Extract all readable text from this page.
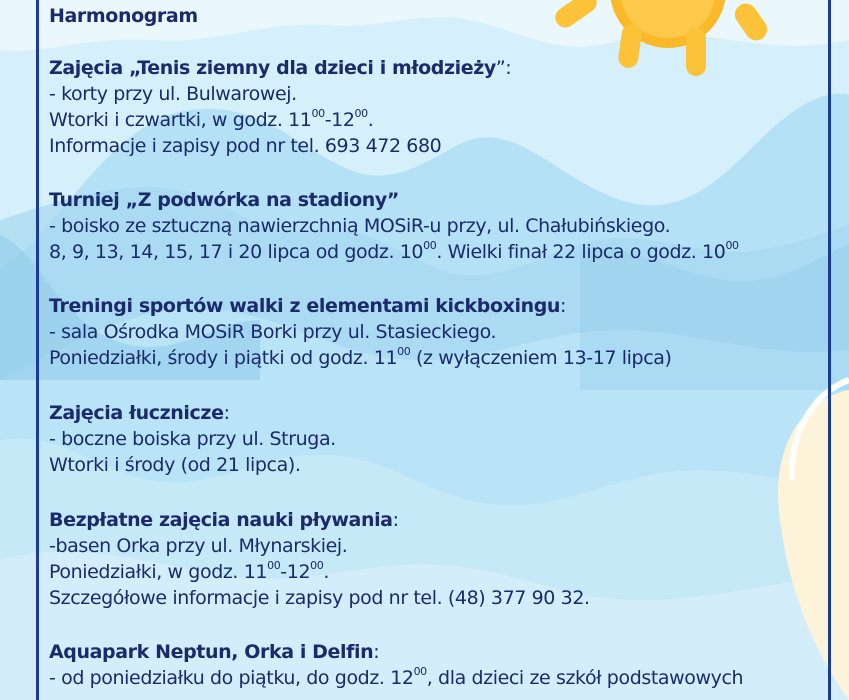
Harmonogram
Zajęcia „Tenis ziemny dla dzieci i młodzieży”:
- korty przy ul. Bulwarowej.
Wtorki i czwartki, w godz. $11^{00}-12^{00}$.
Informacje i zapisy pod nr tel. 693 472 680
Turniej „Z podwórka na stadiony”
- boisko ze sztuczną nawierzchnią MOSiR-u przy, ul. Chałubińskiego.
8, 9, 13, 14, 15, 17 i 20 lipca od godz. $10^{00}$. Wielki finał 22 lipca o godz. $10^{00}$
Treningi sportów walki z elementami kickboxingu:
- sala Ośrodka MOSiR Borki przy ul. Stasieckiego.
Poniedziałki, środy i piątki od godz. $11^{00}$ (z wyłączeniem 13-17 lipca)
Zajęcia łucznicze:
- boczne boiska przy ul. Struga.
Wtorki i środy (od 21 lipca).
Bezpłatne zajęcia nauki pływania:
-basen Orka przy ul. Młynarskiej.
Poniedziałki, w godz. $11^{00}-12^{00}$.
Szczegółowe informacje i zapisy pod nr tel. (48) 377 90 32.
Aquapark Neptun, Orka i Delfin:
- od poniedziałku do piątku, do godz. $12^{00}$, dla dzieci ze szkół podstawowych
